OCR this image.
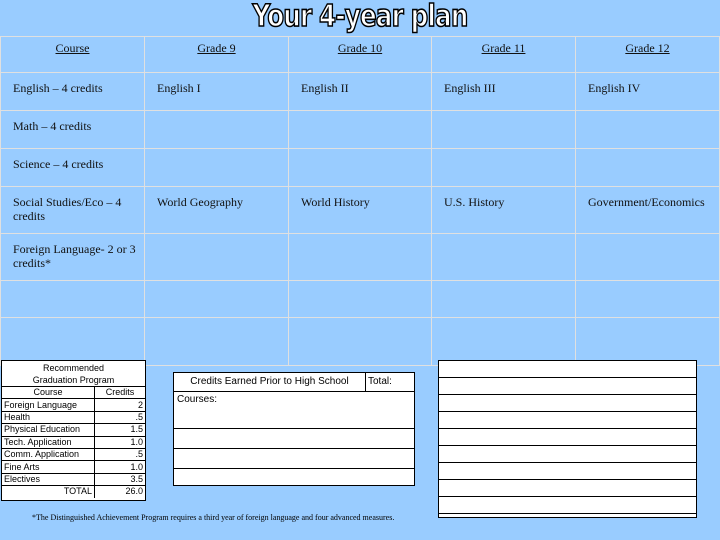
Your 4-year plan
Course	Grade 9	Grade 10	Grade 11	Grade 12
English – 4 credits	English I	English II	English III	English IV
Math – 4 credits				
Science – 4 credits				
Social Studies/Eco – 4 credits	World Geography	World History	U.S. History	Government/Economics
Foreign Language- 2 or 3 credits*				

Recommended
Graduation Program
Course	Credits
Foreign Language	2
Health	.5
Physical Education	1.5
Tech. Application	1.0
Comm. Application	.5
Fine Arts	1.0
Electives	3.5
TOTAL	26.0
Credits Earned Prior to High School	Total:
Courses:
*The Distinguished Achievement Program requires a third year of foreign language and four advanced measures.
